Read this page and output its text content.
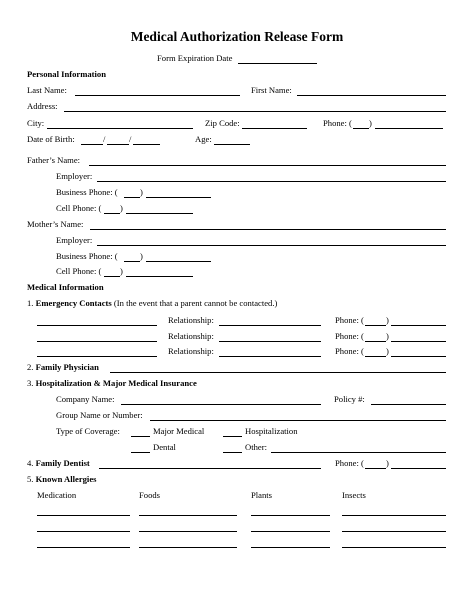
Medical Authorization Release Form
Form Expiration Date
Personal Information
Last Name:	First Name:
Address:
City:	Zip Code:	Phone: ( )
Date of Birth:	/	/	Age:
Father’s Name:
Employer:
Business Phone: (	)
Cell Phone: ( )
Mother’s Name:
Employer:
Business Phone: (	)
Cell Phone: ( )
Medical Information
1. Emergency Contacts (In the event that a parent cannot be contacted.)
Relationship:	Phone: (	)
Relationship:	Phone: (	)
Relationship:	Phone: (	)
2. Family Physician
3. Hospitalization & Major Medical Insurance
Company Name:	Policy #:
Group Name or Number:
Type of Coverage:	Major Medical	Hospitalization
Dental	Other:
4. Family Dentist	Phone: (	)
5. Known Allergies
Medication	Foods	Plants	Insects
